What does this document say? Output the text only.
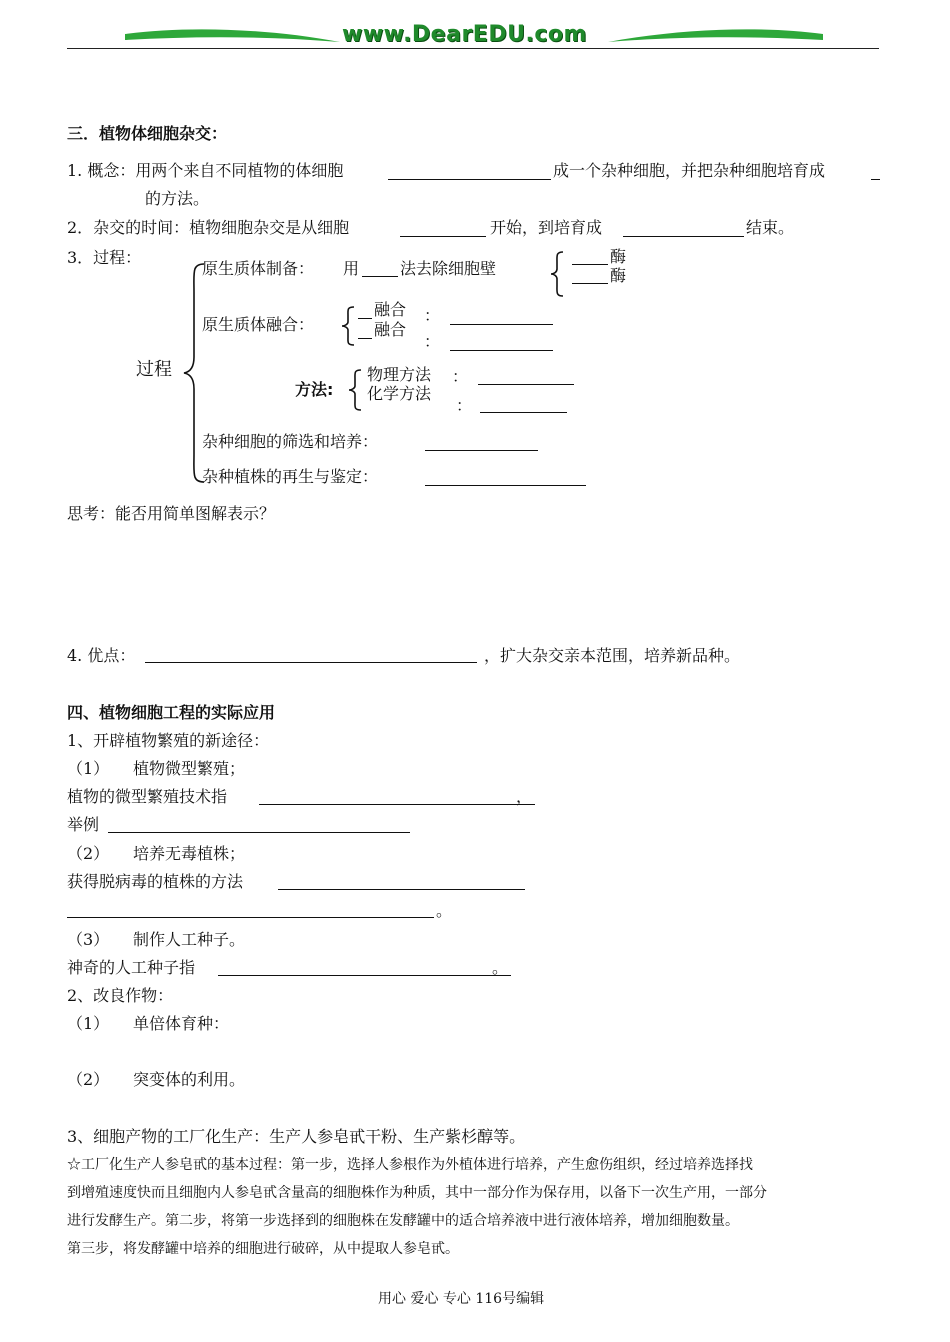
www.DearEDU.com
三．植物体细胞杂交：
1. 概念：用两个来自不同植物的体细胞	成一个杂种细胞，并把杂种细胞培育成
的方法。
2．杂交的时间：植物细胞杂交是从细胞	开始，到培育成	结束。
3．过程：
过程
原生质体制备： 用	法去除细胞壁
酶
酶
原生质体融合：
融合 ：
融合
：
方法:
物理方法 ：
化学方法
：
杂种细胞的筛选和培养：
杂种植株的再生与鉴定：
思考：能否用简单图解表示？
4. 优点：	，扩大杂交亲本范围，培养新品种。
四、植物细胞工程的实际应用
1、开辟植物繁殖的新途径：
（1） 植物微型繁殖；
植物的微型繁殖技术指	，
举例
（2） 培养无毒植株；
获得脱病毒的植株的方法
。
（3） 制作人工种子。
神奇的人工种子指	。
2、改良作物：
（1） 单倍体育种：
（2） 突变体的利用。
3、细胞产物的工厂化生产：生产人参皂甙干粉、生产紫杉醇等。
☆工厂化生产人参皂甙的基本过程：第一步，选择人参根作为外植体进行培养，产生愈伤组织，经过培养选择找
到增殖速度快而且细胞内人参皂甙含量高的细胞株作为种质，其中一部分作为保存用，以备下一次生产用，一部分
进行发酵生产。第二步，将第一步选择到的细胞株在发酵罐中的适合培养液中进行液体培养，增加细胞数量。
第三步，将发酵罐中培养的细胞进行破碎，从中提取人参皂甙。
用心 爱心 专心 116号编辑
